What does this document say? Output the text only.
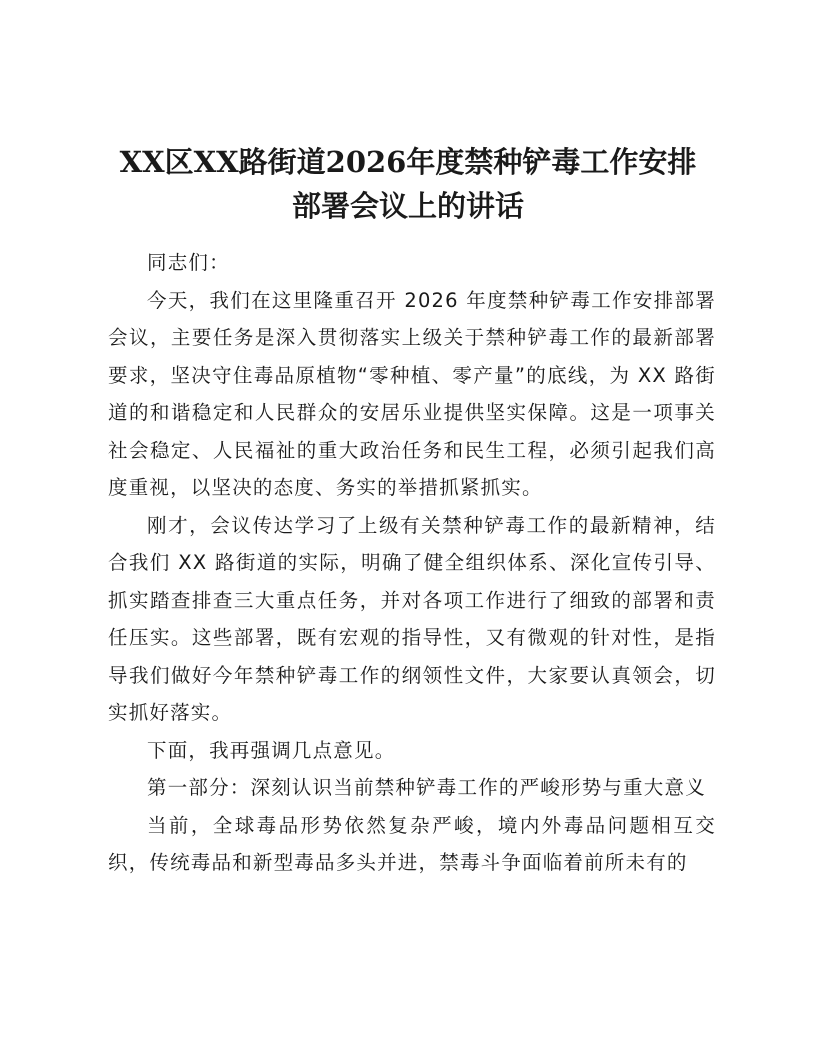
XX区XX路街道2026年度禁种铲毒工作安排
部署会议上的讲话

同志们：

今天，我们在这里隆重召开 2026 年度禁种铲毒工作安排部署会议，主要任务是深入贯彻落实上级关于禁种铲毒工作的最新部署要求，坚决守住毒品原植物“零种植、零产量”的底线，为 XX 路街道的和谐稳定和人民群众的安居乐业提供坚实保障。这是一项事关社会稳定、人民福祉的重大政治任务和民生工程，必须引起我们高度重视，以坚决的态度、务实的举措抓紧抓实。

刚才，会议传达学习了上级有关禁种铲毒工作的最新精神，结合我们 XX 路街道的实际，明确了健全组织体系、深化宣传引导、抓实踏查排查三大重点任务，并对各项工作进行了细致的部署和责任压实。这些部署，既有宏观的指导性，又有微观的针对性，是指导我们做好今年禁种铲毒工作的纲领性文件，大家要认真领会，切实抓好落实。

下面，我再强调几点意见。

第一部分：深刻认识当前禁种铲毒工作的严峻形势与重大意义

当前，全球毒品形势依然复杂严峻，境内外毒品问题相互交织，传统毒品和新型毒品多头并进，禁毒斗争面临着前所未有的
